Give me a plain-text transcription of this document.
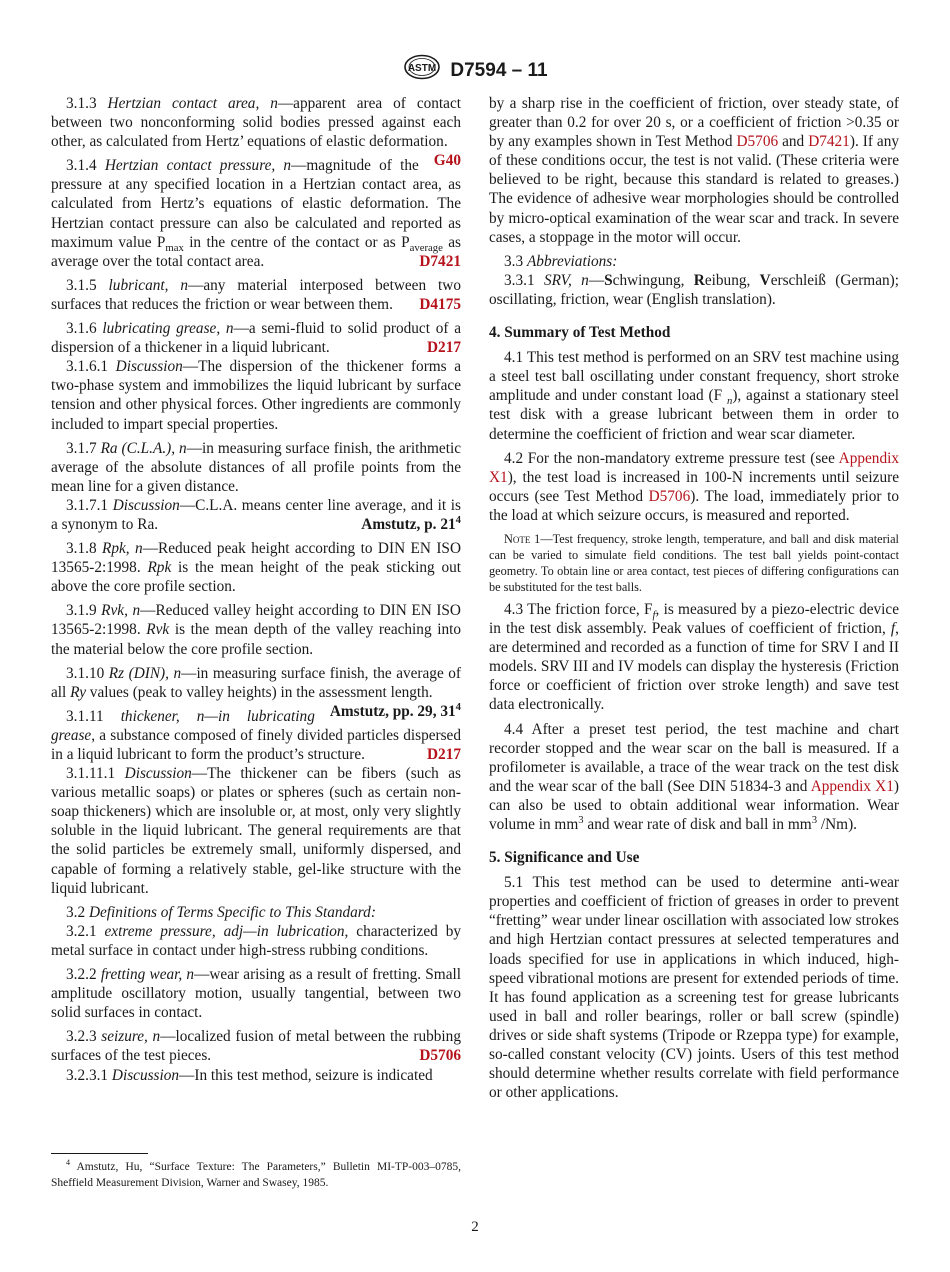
ASTM D7594 – 11

3.1.3 Hertzian contact area, n—apparent area of contact between two nonconforming solid bodies pressed against each other, as calculated from Hertz’ equations of elastic deformation.
G40

3.1.4 Hertzian contact pressure, n—magnitude of the pressure at any specified location in a Hertzian contact area, as calculated from Hertz’s equations of elastic deformation. The Hertzian contact pressure can also be calculated and reported as maximum value $P_{max}$ in the centre of the contact or as $P_{average}$ as average over the total contact area.	D7421

3.1.5 lubricant, n—any material interposed between two surfaces that reduces the friction or wear between them.	D4175

3.1.6 lubricating grease, n—a semi-fluid to solid product of a dispersion of a thickener in a liquid lubricant.	D217

3.1.6.1 Discussion—The dispersion of the thickener forms a two-phase system and immobilizes the liquid lubricant by surface tension and other physical forces. Other ingredients are commonly included to impart special properties.

3.1.7 Ra (C.L.A.), n—in measuring surface finish, the arithmetic average of the absolute distances of all profile points from the mean line for a given distance.

3.1.7.1 Discussion—C.L.A. means center line average, and it is a synonym to Ra.	Amstutz, p. $21^4$

3.1.8 Rpk, n—Reduced peak height according to DIN EN ISO 13565-2:1998. Rpk is the mean height of the peak sticking out above the core profile section.

3.1.9 Rvk, n—Reduced valley height according to DIN EN ISO 13565-2:1998. Rvk is the mean depth of the valley reaching into the material below the core profile section.

3.1.10 Rz (DIN), n—in measuring surface finish, the average of all Ry values (peak to valley heights) in the assessment length.
Amstutz, pp. 29, $31^4$

3.1.11 thickener, n—in lubricating grease, a substance composed of finely divided particles dispersed in a liquid lubricant to form the product’s structure.	D217

3.1.11.1 Discussion—The thickener can be fibers (such as various metallic soaps) or plates or spheres (such as certain non-soap thickeners) which are insoluble or, at most, only very slightly soluble in the liquid lubricant. The general requirements are that the solid particles be extremely small, uniformly dispersed, and capable of forming a relatively stable, gel-like structure with the liquid lubricant.

3.2 Definitions of Terms Specific to This Standard:

3.2.1 extreme pressure, adj—in lubrication, characterized by metal surface in contact under high-stress rubbing conditions.

3.2.2 fretting wear, n—wear arising as a result of fretting. Small amplitude oscillatory motion, usually tangential, between two solid surfaces in contact.

3.2.3 seizure, n—localized fusion of metal between the rubbing surfaces of the test pieces.	D5706

3.2.3.1 Discussion—In this test method, seizure is indicated

by a sharp rise in the coefficient of friction, over steady state, of greater than 0.2 for over 20 s, or a coefficient of friction >0.35 or by any examples shown in Test Method D5706 and D7421). If any of these conditions occur, the test is not valid. (These criteria were believed to be right, because this standard is related to greases.) The evidence of adhesive wear morphologies should be controlled by micro-optical examination of the wear scar and track. In severe cases, a stoppage in the motor will occur.

3.3 Abbreviations:

3.3.1 SRV, n—Schwingung, Reibung, Verschleiß (German); oscillating, friction, wear (English translation).

4. Summary of Test Method

4.1 This test method is performed on an SRV test machine using a steel test ball oscillating under constant frequency, short stroke amplitude and under constant load (F $_n$), against a stationary steel test disk with a grease lubricant between them in order to determine the coefficient of friction and wear scar diameter.

4.2 For the non-mandatory extreme pressure test (see Appendix X1), the test load is increased in 100-N increments until seizure occurs (see Test Method D5706). The load, immediately prior to the load at which seizure occurs, is measured and reported.

Note 1—Test frequency, stroke length, temperature, and ball and disk material can be varied to simulate field conditions. The test ball yields point-contact geometry. To obtain line or area contact, test pieces of differing configurations can be substituted for the test balls.

4.3 The friction force, $F_f$, is measured by a piezo-electric device in the test disk assembly. Peak values of coefficient of friction, f, are determined and recorded as a function of time for SRV I and II models. SRV III and IV models can display the hysteresis (Friction force or coefficient of friction over stroke length) and save test data electronically.

4.4 After a preset test period, the test machine and chart recorder stopped and the wear scar on the ball is measured. If a profilometer is available, a trace of the wear track on the test disk and the wear scar of the ball (See DIN 51834-3 and Appendix X1) can also be used to obtain additional wear information. Wear volume in $mm^3$ and wear rate of disk and ball in $mm^3$ /Nm).

5. Significance and Use

5.1 This test method can be used to determine anti-wear properties and coefficient of friction of greases in order to prevent “fretting” wear under linear oscillation with associated low strokes and high Hertzian contact pressures at selected temperatures and loads specified for use in applications in which induced, high-speed vibrational motions are present for extended periods of time. It has found application as a screening test for grease lubricants used in ball and roller bearings, roller or ball screw (spindle) drives or side shaft systems (Tripode or Rzeppa type) for example, so-called constant velocity (CV) joints. Users of this test method should determine whether results correlate with field performance or other applications.

$^4$ Amstutz, Hu, “Surface Texture: The Parameters,” Bulletin MI-TP-003–0785, Sheffield Measurement Division, Warner and Swasey, 1985.
2
